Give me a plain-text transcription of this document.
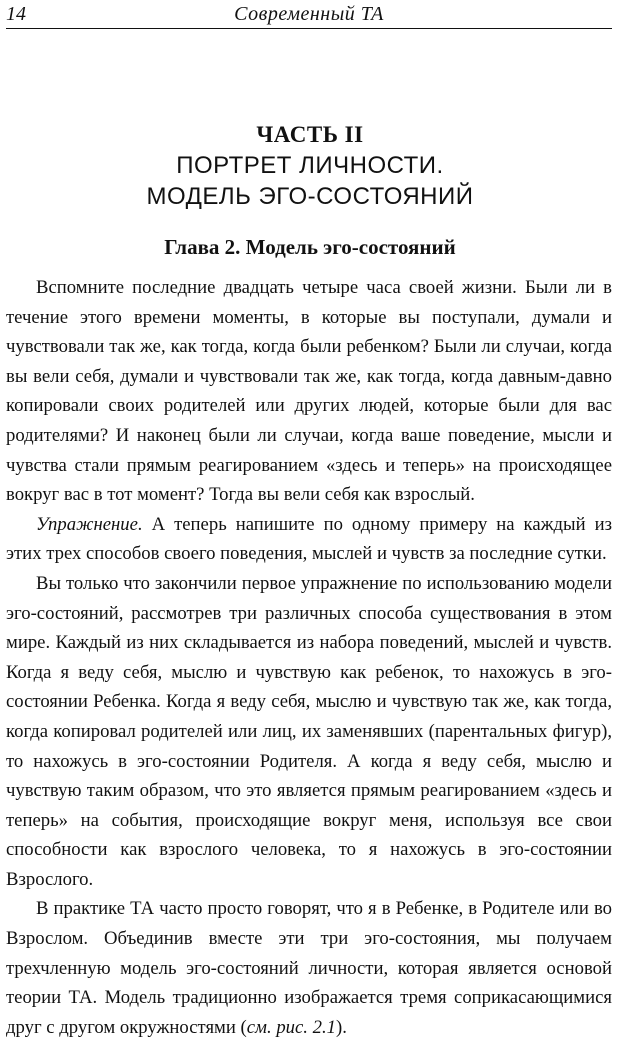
14	Современный ТА
ЧАСТЬ II
ПОРТРЕТ ЛИЧНОСТИ.
МОДЕЛЬ ЭГО-СОСТОЯНИЙ
Глава 2. Модель эго-состояний

Вспомните последние двадцать четыре часа своей жизни. Были ли в течение этого времени моменты, в которые вы поступали, думали и чувствовали так же, как тогда, когда были ребенком? Были ли случаи, когда вы вели себя, думали и чувствовали так же, как тогда, когда давным-давно копировали своих родителей или других людей, которые были для вас родителями? И наконец были ли случаи, когда ваше поведение, мысли и чувства стали прямым реагированием «здесь и теперь» на происходящее вокруг вас в тот момент? Тогда вы вели себя как взрослый.

Упражнение. А теперь напишите по одному примеру на каждый из этих трех способов своего поведения, мыслей и чувств за последние сутки.

Вы только что закончили первое упражнение по использованию модели эго-состояний, рассмотрев три различных способа существования в этом мире. Каждый из них складывается из набора поведений, мыслей и чувств. Когда я веду себя, мыслю и чувствую как ребенок, то нахожусь в эго-состоянии Ребенка. Когда я веду себя, мыслю и чувствую так же, как тогда, когда копировал родителей или лиц, их заменявших (парентальных фигур), то нахожусь в эго-состоянии Родителя. А когда я веду себя, мыслю и чувствую таким образом, что это является прямым реагированием «здесь и теперь» на события, происходящие вокруг меня, используя все свои способности как взрослого человека, то я нахожусь в эго-состоянии Взрослого.

В практике ТА часто просто говорят, что я в Ребенке, в Родителе или во Взрослом. Объединив вместе эти три эго-состояния, мы получаем трехчленную модель эго-состояний личности, которая является основой теории ТА. Модель традиционно изображается тремя соприкасающимися друг с другом окружностями (см. рис. 2.1).
